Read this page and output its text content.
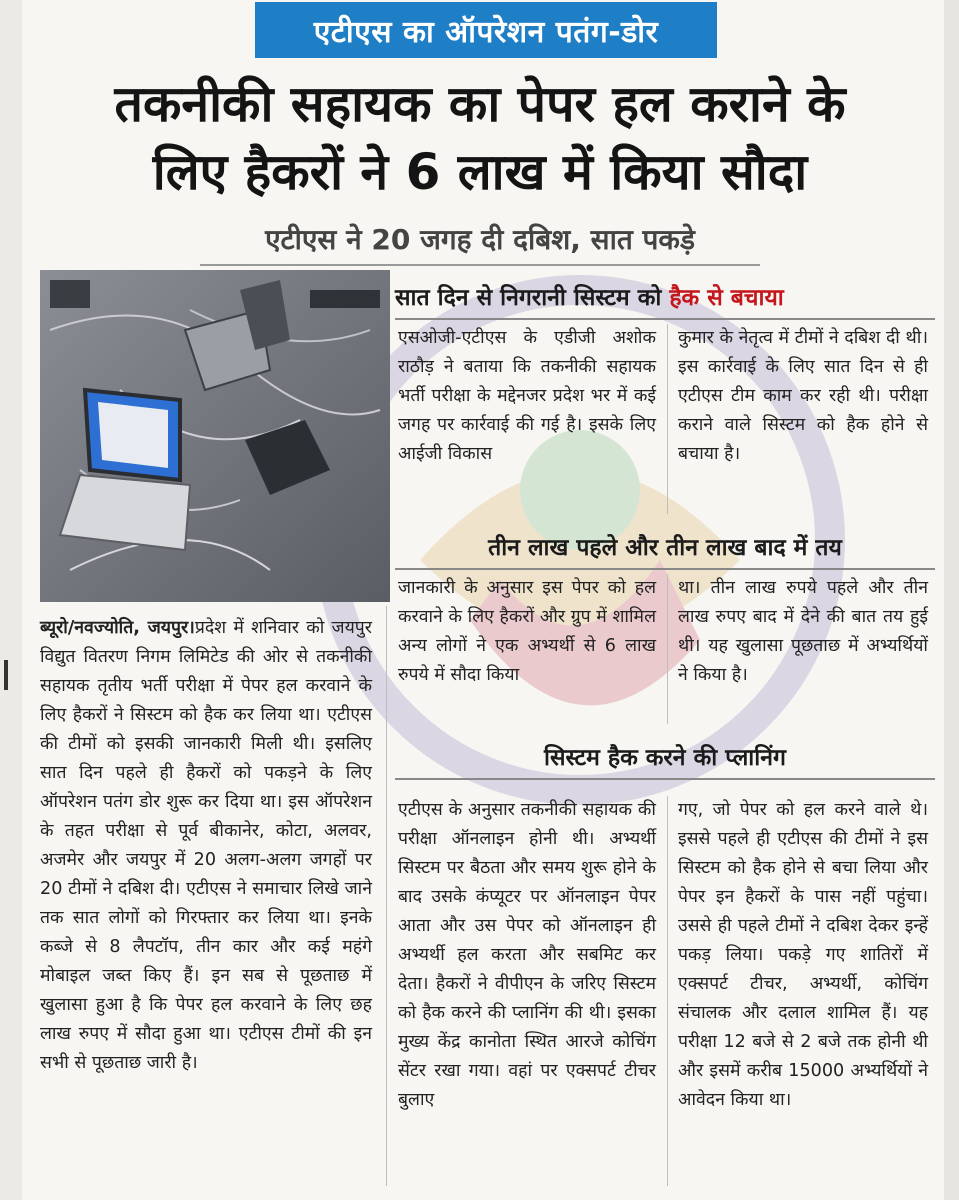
एटीएस का ऑपरेशन पतंग-डोर
तकनीकी सहायक का पेपर हल कराने के
लिए हैकरों ने 6 लाख में किया सौदा
एटीएस ने 20 जगह दी दबिश, सात पकड़े
ब्यूरो/नवज्योति, जयपुर।प्रदेश में शनिवार को जयपुर विद्युत वितरण निगम लिमिटेड की ओर से तकनीकी सहायक तृतीय भर्ती परीक्षा में पेपर हल करवाने के लिए हैकरों ने सिस्टम को हैक कर लिया था। एटीएस की टीमों को इसकी जानकारी मिली थी। इसलिए सात दिन पहले ही हैकरों को पकड़ने के लिए ऑपरेशन पतंग डोर शुरू कर दिया था। इस ऑपरेशन के तहत परीक्षा से पूर्व बीकानेर, कोटा, अलवर, अजमेर और जयपुर में 20 अलग-अलग जगहों पर 20 टीमों ने दबिश दी। एटीएस ने समाचार लिखे जाने तक सात लोगों को गिरफ्तार कर लिया था। इनके कब्जे से 8 लैपटॉप, तीन कार और कई महंगे मोबाइल जब्त किए हैं। इन सब से पूछताछ में खुलासा हुआ है कि पेपर हल करवाने के लिए छह लाख रुपए में सौदा हुआ था। एटीएस टीमों की इन सभी से पूछताछ जारी है।
सात दिन से निगरानी सिस्टम को हैक से बचाया
एसओजी-एटीएस के एडीजी अशोक राठौड़ ने बताया कि तकनीकी सहायक भर्ती परीक्षा के मद्देनजर प्रदेश भर में कई जगह पर कार्रवाई की गई है। इसके लिए आईजी विकास
कुमार के नेतृत्व में टीमों ने दबिश दी थी। इस कार्रवाई के लिए सात दिन से ही एटीएस टीम काम कर रही थी। परीक्षा कराने वाले सिस्टम को हैक होने से बचाया है।
तीन लाख पहले और तीन लाख बाद में तय
जानकारी के अनुसार इस पेपर को हल करवाने के लिए हैकरों और ग्रुप में शामिल अन्य लोगों ने एक अभ्यर्थी से 6 लाख रुपये में सौदा किया
था। तीन लाख रुपये पहले और तीन लाख रुपए बाद में देने की बात तय हुई थी। यह खुलासा पूछताछ में अभ्यर्थियों ने किया है।
सिस्टम हैक करने की प्लानिंग
एटीएस के अनुसार तकनीकी सहायक की परीक्षा ऑनलाइन होनी थी। अभ्यर्थी सिस्टम पर बैठता और समय शुरू होने के बाद उसके कंप्यूटर पर ऑनलाइन पेपर आता और उस पेपर को ऑनलाइन ही अभ्यर्थी हल करता और सबमिट कर देता। हैकरों ने वीपीएन के जरिए सिस्टम को हैक करने की प्लानिंग की थी। इसका मुख्य केंद्र कानोता स्थित आरजे कोचिंग सेंटर रखा गया। वहां पर एक्सपर्ट टीचर बुलाए
गए, जो पेपर को हल करने वाले थे। इससे पहले ही एटीएस की टीमों ने इस सिस्टम को हैक होने से बचा लिया और पेपर इन हैकरों के पास नहीं पहुंचा। उससे ही पहले टीमों ने दबिश देकर इन्हें पकड़ लिया। पकड़े गए शातिरों में एक्सपर्ट टीचर, अभ्यर्थी, कोचिंग संचालक और दलाल शामिल हैं। यह परीक्षा 12 बजे से 2 बजे तक होनी थी और इसमें करीब 15000 अभ्यर्थियों ने आवेदन किया था।
